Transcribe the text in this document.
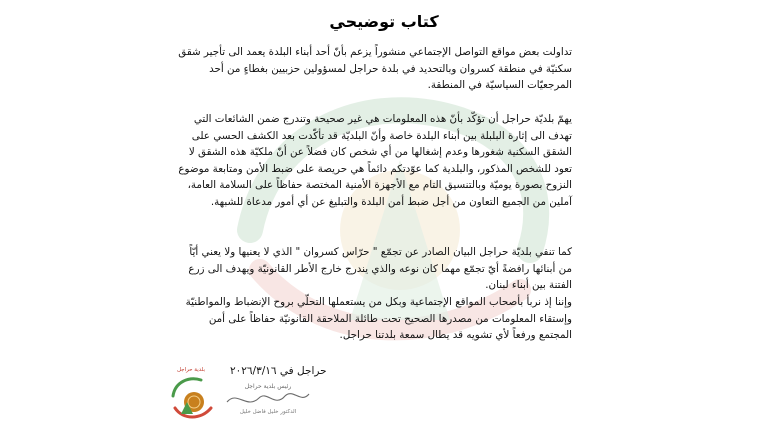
كتاب توضيحي

تداولت بعض مواقع التواصل الإجتماعي منشوراً يزعم بأنّ أحد أبناء البلدة يعمد الى تأجير شقق سكنيّة في منطقة كسروان وبالتحديد في بلدة حراجل لمسؤولين حزبيين بغطاءٍ من أحد المرجعيّات السياسيّة في المنطقة.

يهمّ بلديّة حراجل أن تؤكّد بأنّ هذه المعلومات هي غير صحيحة وتندرج ضمن الشائعات التي تهدف الى إثارة البلبلة بين أبناء البلدة خاصة وأنّ البلديّة قد تأكّدت بعد الكشف الحسي على الشقق السكنية شغورها وعدم إشغالها من أي شخص كان فضلاً عن أنّ ملكيّة هذه الشقق لا تعود للشخص المذكور، والبلدية كما عوّدتكم دائماً هي حريصة على ضبط الأمن ومتابعة موضوع النزوح بصورة يوميّة وبالتنسيق التام مع الأجهزة الأمنية المختصة حفاظاً على السلامة العامة، آملين من الجميع التعاون من أجل ضبط أمن البلدة والتبليغ عن أي أمور مدعاة للشبهة.

كما تنفي بلديّة حراجل البيان الصادر عن تجمّع " حرّاس كسروان " الذي لا يعنيها ولا يعني أيّاً من أبنائها رافضةً أيّ تجمّع مهما كان نوعه والذي يندرج خارج الأطر القانونيّة ويهدف الى زرع الفتنة بين أبناء لبنان.

وإننا إذ نربأ بأصحاب المواقع الإجتماعية وبكل من يستعملها التحلّي بروح الإنضباط والمواطنيّة وإستقاء المعلومات من مصدرها الصحيح تحت طائلة الملاحقة القانونيّة حفاظاً على أمن المجتمع ورفعاً لأي تشويه قد يطال سمعة بلدتنا حراجل.

حراجل في ٢٠٢٦/٣/١٦
بلدية حراجل
رئيس بلدية حراجل
الدكتور خليل فاضل خليل
